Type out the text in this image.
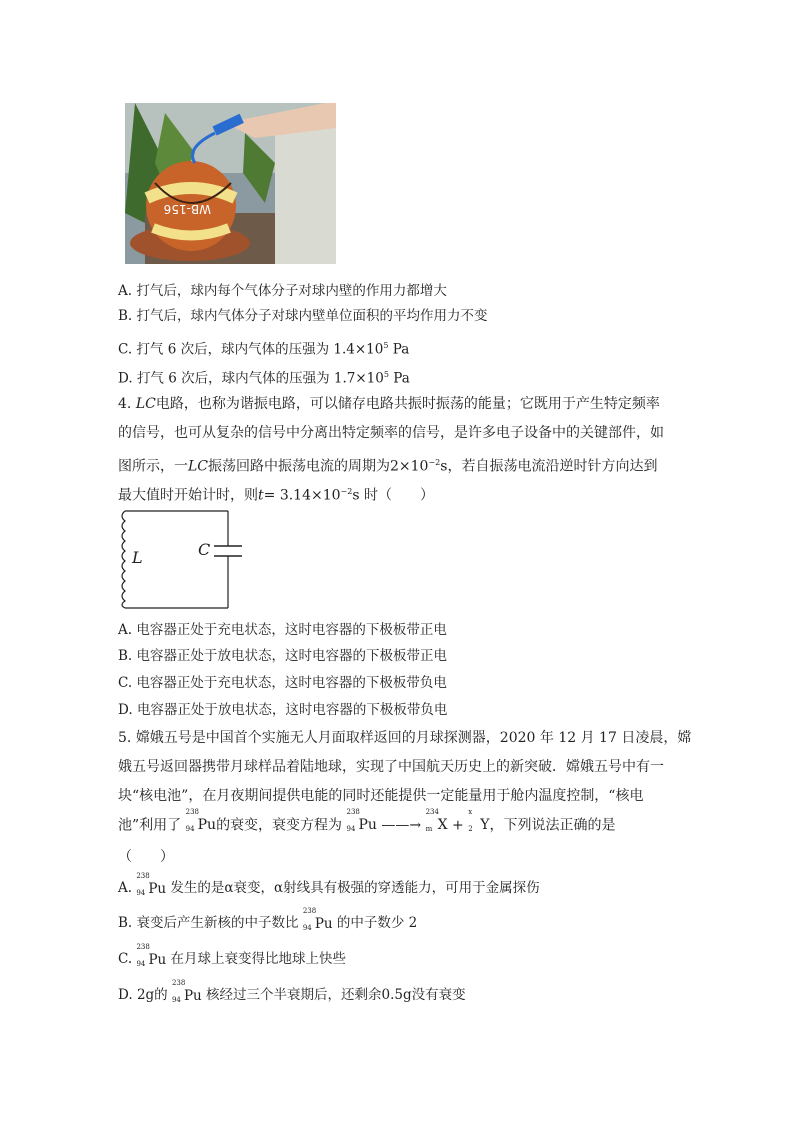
WB-156
A. 打气后，球内每个气体分子对球内壁的作用力都增大
B. 打气后，球内气体分子对球内壁单位面积的平均作用力不变
C. 打气 6 次后，球内气体的压强为 $1.4\times 10^5$ Pa
D. 打气 6 次后，球内气体的压强为 $1.7\times 10^5$ Pa
4. LC电路，也称为谐振电路，可以储存电路共振时振荡的能量；它既用于产生特定频率
的信号，也可从复杂的信号中分离出特定频率的信号，是许多电子设备中的关键部件，如
图所示，一LC振荡回路中振荡电流的周期为$2\times 10^{-2}s$，若自振荡电流沿逆时针方向达到
最大值时开始计时，则$t= 3.14\times 10^{-2}s$ 时（　　）
L	C
A. 电容器正处于充电状态，这时电容器的下极板带正电
B. 电容器正处于放电状态，这时电容器的下极板带正电
C. 电容器正处于充电状态，这时电容器的下极板带负电
D. 电容器正处于放电状态，这时电容器的下极板带负电
5. 嫦娥五号是中国首个实施无人月面取样返回的月球探测器，2020 年 12 月 17 日凌晨，嫦
娥五号返回器携带月球样品着陆地球，实现了中国航天历史上的新突破．嫦娥五号中有一
块“核电池”，在月夜期间提供电能的同时还能提供一定能量用于舱内温度控制，“核电
池”利用了
238
94 Pu的衰变，衰变方程为
238
94 Pu ——→
234
m X +
x
2 Y，下列说法正确的是
（　　）
A.
238
94 Pu 发生的是α衰变，α射线具有极强的穿透能力，可用于金属探伤
B. 衰变后产生新核的中子数比
238
94 Pu 的中子数少 2
C.
238
94 Pu 在月球上衰变得比地球上快些
D. 2g的
238
94 Pu 核经过三个半衰期后，还剩余0.5g没有衰变
